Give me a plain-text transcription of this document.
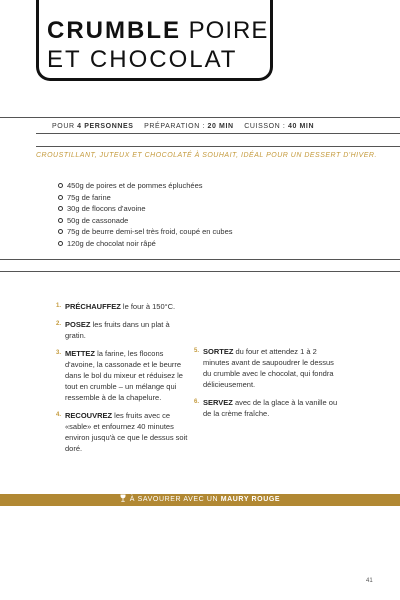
CRUMBLE POIRE
ET CHOCOLAT
POUR 4 PERSONNES PRÉPARATION : 20 MIN CUISSON : 40 MIN
CROUSTILLANT, JUTEUX ET CHOCOLATÉ À SOUHAIT, IDÉAL POUR UN DESSERT D'HIVER.
450g de poires et de pommes épluchées
75g de farine
30g de flocons d'avoine
50g de cassonade
75g de beurre demi-sel très froid, coupé en cubes
120g de chocolat noir râpé
1. PRÉCHAUFFEZ le four à 150°C.
2. POSEZ les fruits dans un plat à gratin.
3. METTEZ la farine, les flocons d'avoine, la cassonade et le beurre dans le bol du mixeur et réduisez le tout en crumble – un mélange qui ressemble à de la chapelure.
4. RECOUVREZ les fruits avec ce «sable» et enfournez 40 minutes environ jusqu'à ce que le dessus soit doré.
5. SORTEZ du four et attendez 1 à 2 minutes avant de saupoudrer le dessus du crumble avec le chocolat, qui fondra délicieusement.
6. SERVEZ avec de la glace à la vanille ou de la crème fraîche.
À SAVOURER AVEC UN MAURY ROUGE
41
